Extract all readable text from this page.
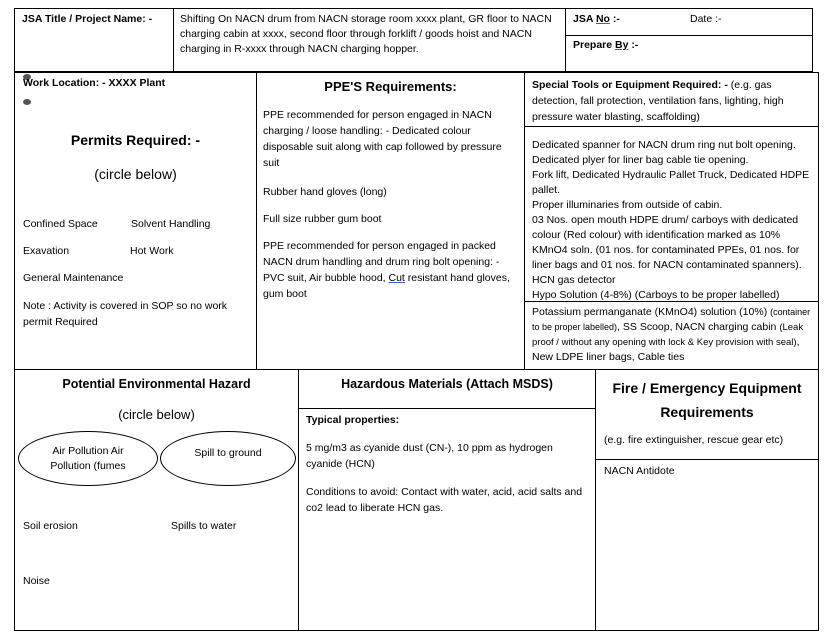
JSA Title / Project Name: -	Shifting On NACN drum from NACN storage room xxxx plant, GR floor to NACN charging cabin at xxxx, second floor through forklift / goods hoist and NACN charging in R-xxxx through NACN charging hopper.
JSA No :-	Date :-
Prepare By :-
Work Location: - XXXX Plant
Permits Required: -
(circle below)
Confined Space	Solvent Handling
Exavation	Hot Work
General Maintenance
Note : Activity is covered in SOP so no work permit Required
PPE'S Requirements:
PPE recommended for person engaged in NACN charging / loose handling: - Dedicated colour disposable suit along with cap followed by pressure suit
Rubber hand gloves (long)
Full size rubber gum boot
PPE recommended for person engaged in packed NACN drum handling and drum ring bolt opening: - PVC suit, Air bubble hood, Cut resistant hand gloves, gum boot
Special Tools or Equipment Required: - (e.g. gas detection, fall protection, ventilation fans, lighting, high pressure water blasting, scaffolding)
Dedicated spanner for NACN drum ring nut bolt opening.
Dedicated plyer for liner bag cable tie opening.
Fork lift, Dedicated Hydraulic Pallet Truck, Dedicated HDPE pallet.
Proper illuminaries from outside of cabin.
03 Nos. open mouth HDPE drum/ carboys with dedicated colour (Red colour) with identification marked as 10% KMnO4 soln. (01 nos. for contaminated PPEs, 01 nos. for liner bags and 01 nos. for NACN contaminated spanners).
HCN gas detector
Hypo Solution (4-8%) (Carboys to be proper labelled)
Potassium permanganate (KMnO4) solution (10%) (container to be proper labelled), SS Scoop, NACN charging cabin (Leak proof / without any opening with lock & Key provision with seal), New LDPE liner bags, Cable ties
Potential Environmental Hazard
(circle below)
Air Pollution Air Pollution (fumes
Spill to ground
Soil erosion	Spills to water
Noise
Hazardous Materials (Attach MSDS)
Typical properties:
5 mg/m3 as cyanide dust (CN-), 10 ppm as hydrogen cyanide (HCN)
Conditions to avoid: Contact with water, acid, acid salts and co2 lead to liberate HCN gas.
Fire / Emergency Equipment Requirements
(e.g. fire extinguisher, rescue gear etc)
NACN Antidote
